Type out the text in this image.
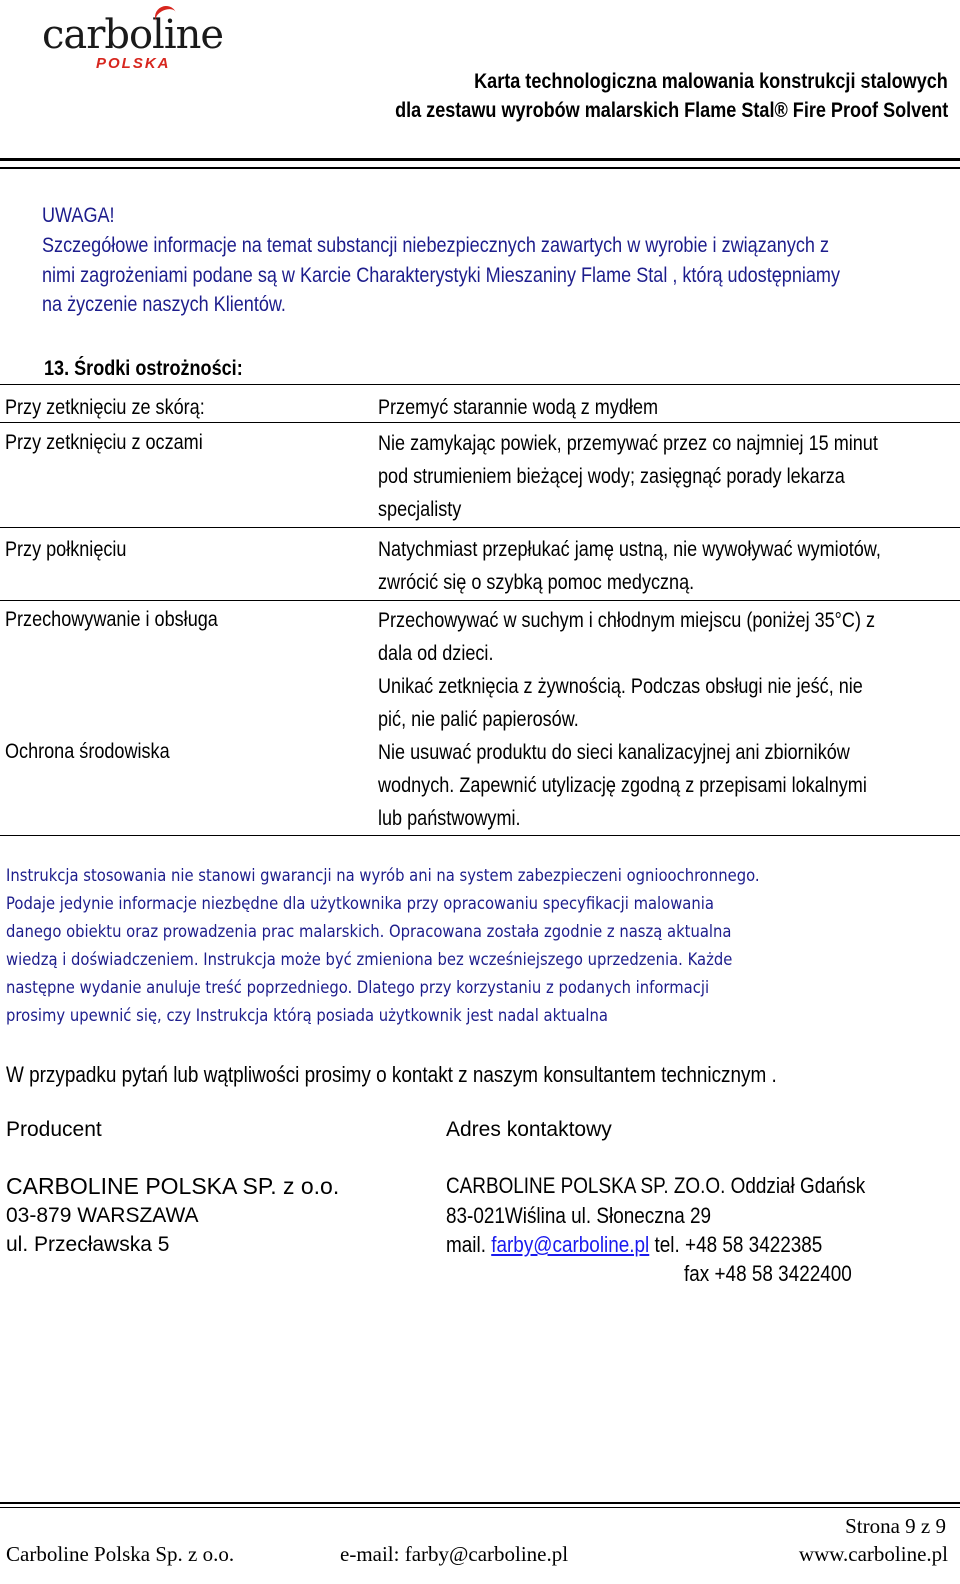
carboline
POLSKA
Karta technologiczna malowania konstrukcji stalowych
dla zestawu wyrobów malarskich Flame Stal® Fire Proof Solvent
UWAGA!
Szczegółowe informacje na temat substancji niebezpiecznych zawartych w wyrobie i związanych z
nimi zagrożeniami podane są w Karcie Charakterystyki Mieszaniny Flame Stal , którą udostępniamy
na życzenie naszych Klientów.
13. Środki ostrożności:
Przy zetknięciu ze skórą:	Przemyć starannie wodą z mydłem
Przy zetknięciu z oczami	Nie zamykając powiek, przemywać przez co najmniej 15 minut
pod strumieniem bieżącej wody; zasięgnąć porady lekarza
specjalisty
Przy połknięciu	Natychmiast przepłukać jamę ustną, nie wywoływać wymiotów,
zwrócić się o szybką pomoc medyczną.
Przechowywanie i obsługa	Przechowywać w suchym i chłodnym miejscu (poniżej 35°C) z
dala od dzieci.
Unikać zetknięcia z żywnością. Podczas obsługi nie jeść, nie
pić, nie palić papierosów.
Ochrona środowiska	Nie usuwać produktu do sieci kanalizacyjnej ani zbiorników
wodnych. Zapewnić utylizację zgodną z przepisami lokalnymi
lub państwowymi.
Instrukcja stosowania nie stanowi gwarancji na wyrób ani na system zabezpieczeni ognioochronnego.
Podaje jedynie informacje niezbędne dla użytkownika przy opracowaniu specyfikacji malowania
danego obiektu oraz prowadzenia prac malarskich. Opracowana została zgodnie z naszą aktualna
wiedzą i doświadczeniem. Instrukcja może być zmieniona bez wcześniejszego uprzedzenia. Każde
następne wydanie anuluje treść poprzedniego. Dlatego przy korzystaniu z podanych informacji
prosimy upewnić się, czy Instrukcja którą posiada użytkownik jest nadal aktualna
W przypadku pytań lub wątpliwości prosimy o kontakt z naszym konsultantem technicznym .
Producent	Adres kontaktowy
CARBOLINE POLSKA SP. z o.o.
03-879 WARSZAWA
ul. Przecławska 5
CARBOLINE POLSKA SP. ZO.O. Oddział Gdańsk
83-021Wiślina ul. Słoneczna 29
mail. farby@carboline.pl tel. +48 58 3422385
fax +48 58 3422400
Strona 9 z 9
Carboline Polska Sp. z o.o.	e-mail: farby@carboline.pl	www.carboline.pl
